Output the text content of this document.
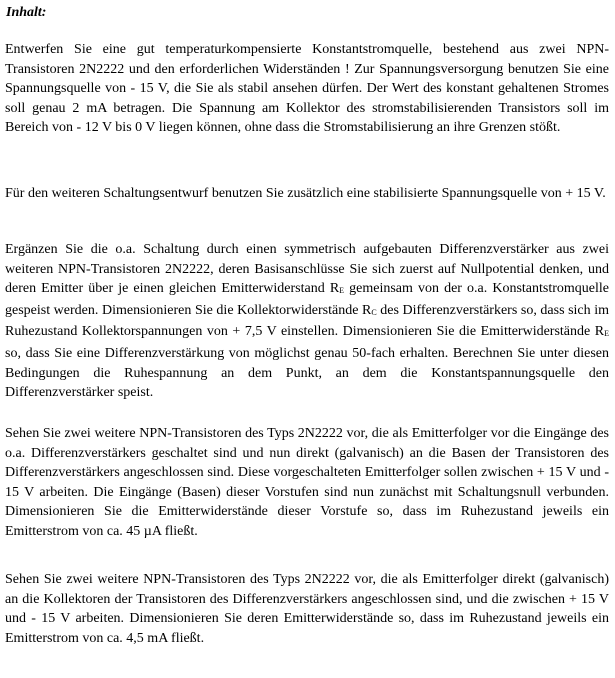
Inhalt:

Entwerfen Sie eine gut temperaturkompensierte Konstantstromquelle, bestehend aus zwei NPN-Transistoren 2N2222 und den erforderlichen Widerständen ! Zur Spannungsversorgung benutzen Sie eine Spannungsquelle von - 15 V, die Sie als stabil ansehen dürfen. Der Wert des konstant gehaltenen Stromes soll genau 2 mA betragen. Die Spannung am Kollektor des stromstabilisierenden Transistors soll im Bereich von - 12 V bis 0 V liegen können, ohne dass die Stromstabilisierung an ihre Grenzen stößt.

Für den weiteren Schaltungsentwurf benutzen Sie zusätzlich eine stabilisierte Spannungsquelle von + 15 V.

Ergänzen Sie die o.a. Schaltung durch einen symmetrisch aufgebauten Differenzverstärker aus zwei weiteren NPN-Transistoren 2N2222, deren Basisanschlüsse Sie sich zuerst auf Nullpotential denken, und deren Emitter über je einen gleichen Emitterwiderstand $R_E$ gemeinsam von der o.a. Konstantstromquelle gespeist werden. Dimensionieren Sie die Kollektorwiderstände $R_C$ des Differenzverstärkers so, dass sich im Ruhezustand Kollektorspannungen von + 7,5 V einstellen. Dimensionieren Sie die Emitterwiderstände $R_E$ so, dass Sie eine Differenzverstärkung von möglichst genau 50-fach erhalten. Berechnen Sie unter diesen Bedingungen die Ruhespannung an dem Punkt, an dem die Konstantspannungsquelle den Differenzverstärker speist.

Sehen Sie zwei weitere NPN-Transistoren des Typs 2N2222 vor, die als Emitterfolger vor die Eingänge des o.a. Differenzverstärkers geschaltet sind und nun direkt (galvanisch) an die Basen der Transistoren des Differenzverstärkers angeschlossen sind. Diese vorgeschalteten Emitterfolger sollen zwischen + 15 V und - 15 V arbeiten. Die Eingänge (Basen) dieser Vorstufen sind nun zunächst mit Schaltungsnull verbunden. Dimensionieren Sie die Emitterwiderstände dieser Vorstufe so, dass im Ruhezustand jeweils ein Emitterstrom von ca. 45 µA fließt.

Sehen Sie zwei weitere NPN-Transistoren des Typs 2N2222 vor, die als Emitterfolger direkt (galvanisch) an die Kollektoren der Transistoren des Differenzverstärkers angeschlossen sind, und die zwischen + 15 V und - 15 V arbeiten. Dimensionieren Sie deren Emitterwiderstände so, dass im Ruhezustand jeweils ein Emitterstrom von ca. 4,5 mA fließt.
